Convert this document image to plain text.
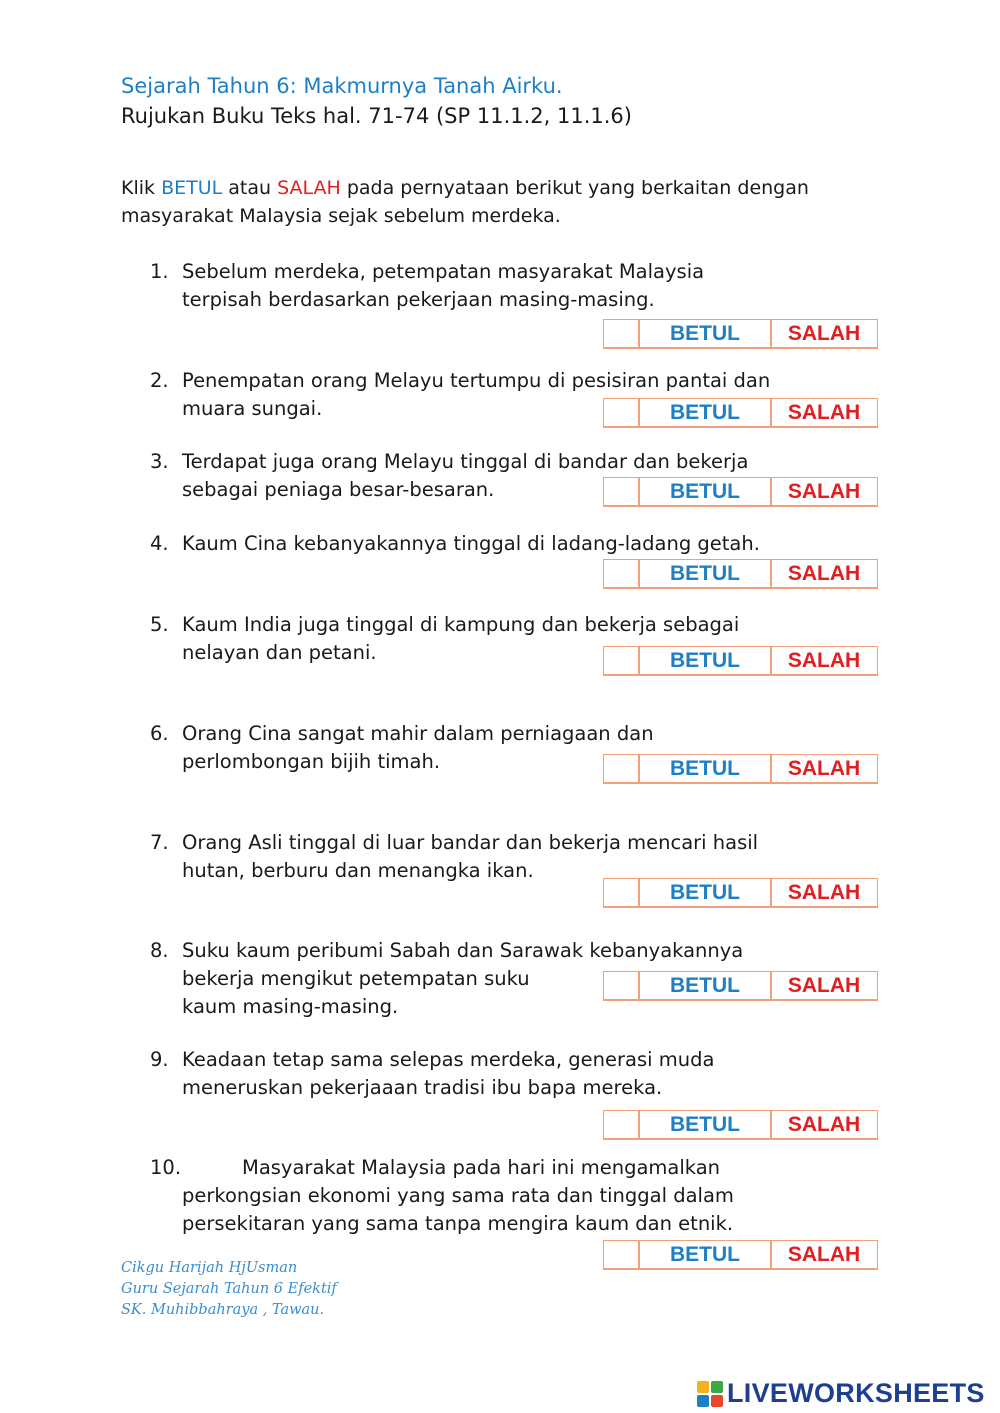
Sejarah Tahun 6: Makmurnya Tanah Airku.
Rujukan Buku Teks hal. 71-74 (SP 11.1.2, 11.1.6)
Klik BETUL atau SALAH pada pernyataan berikut yang berkaitan dengan masyarakat Malaysia sejak sebelum merdeka.
1. Sebelum merdeka, petempatan masyarakat Malaysia
terpisah berdasarkan pekerjaan masing-masing.
BETUL	SALAH
2. Penempatan orang Melayu tertumpu di pesisiran pantai dan
muara sungai.	BETUL	SALAH
3. Terdapat juga orang Melayu tinggal di bandar dan bekerja
sebagai peniaga besar-besaran.	BETUL	SALAH
4. Kaum Cina kebanyakannya tinggal di ladang-ladang getah.
BETUL	SALAH
5. Kaum India juga tinggal di kampung dan bekerja sebagai
nelayan dan petani.	BETUL	SALAH
6. Orang Cina sangat mahir dalam perniagaan dan
perlombongan bijih timah.	BETUL	SALAH
7. Orang Asli tinggal di luar bandar dan bekerja mencari hasil
hutan, berburu dan menangka ikan.
BETUL	SALAH
8. Suku kaum peribumi Sabah dan Sarawak kebanyakannya
bekerja mengikut petempatan suku
kaum masing-masing.
BETUL	SALAH
9. Keadaan tetap sama selepas merdeka, generasi muda
meneruskan pekerjaaan tradisi ibu bapa mereka.
BETUL	SALAH
10.	Masyarakat Malaysia pada hari ini mengamalkan
perkongsian ekonomi yang sama rata dan tinggal dalam
persekitaran yang sama tanpa mengira kaum dan etnik.
BETUL	SALAH
Cikgu Harijah HjUsman
Guru Sejarah Tahun 6 Efektif
SK. Muhibbahraya , Tawau.
LIVEWORKSHEETS
